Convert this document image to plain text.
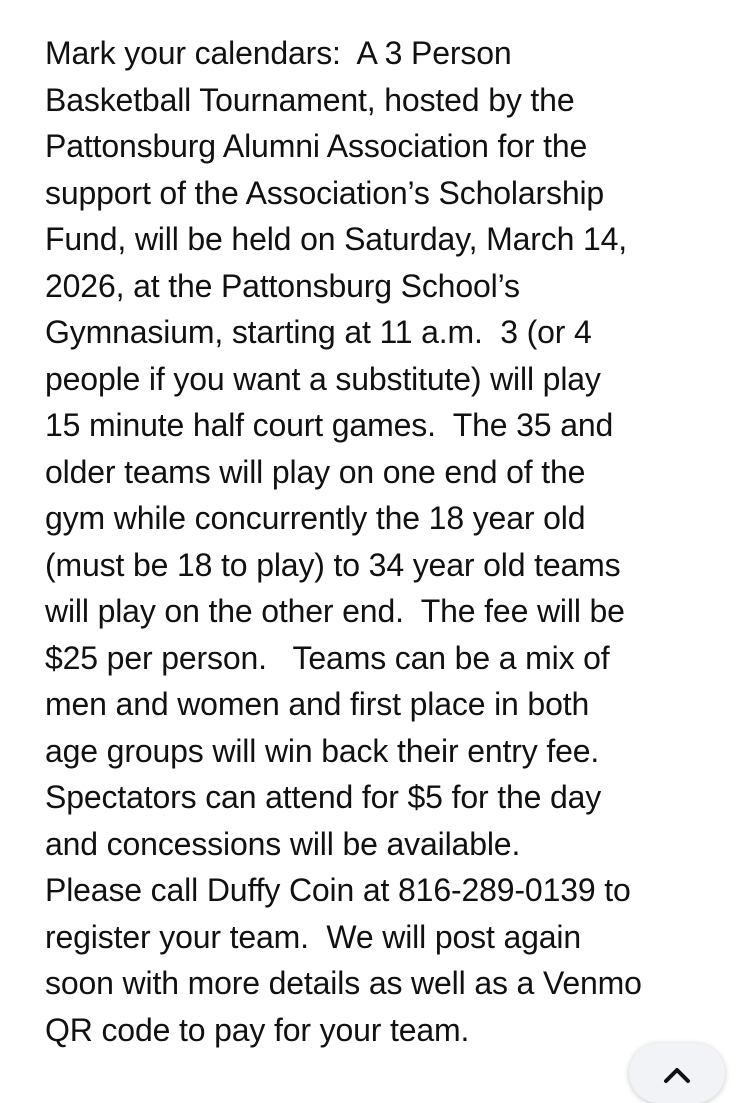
Mark your calendars:  A 3 Person
Basketball Tournament, hosted by the
Pattonsburg Alumni Association for the
support of the Association’s Scholarship
Fund, will be held on Saturday, March 14,
2026, at the Pattonsburg School’s
Gymnasium, starting at 11 a.m.  3 (or 4
people if you want a substitute) will play
15 minute half court games.  The 35 and
older teams will play on one end of the
gym while concurrently the 18 year old
(must be 18 to play) to 34 year old teams
will play on the other end.  The fee will be
$25 per person.   Teams can be a mix of
men and women and first place in both
age groups will win back their entry fee.
Spectators can attend for $5 for the day
and concessions will be available.
Please call Duffy Coin at 816-289-0139 to
register your team.  We will post again
soon with more details as well as a Venmo
QR code to pay for your team.
